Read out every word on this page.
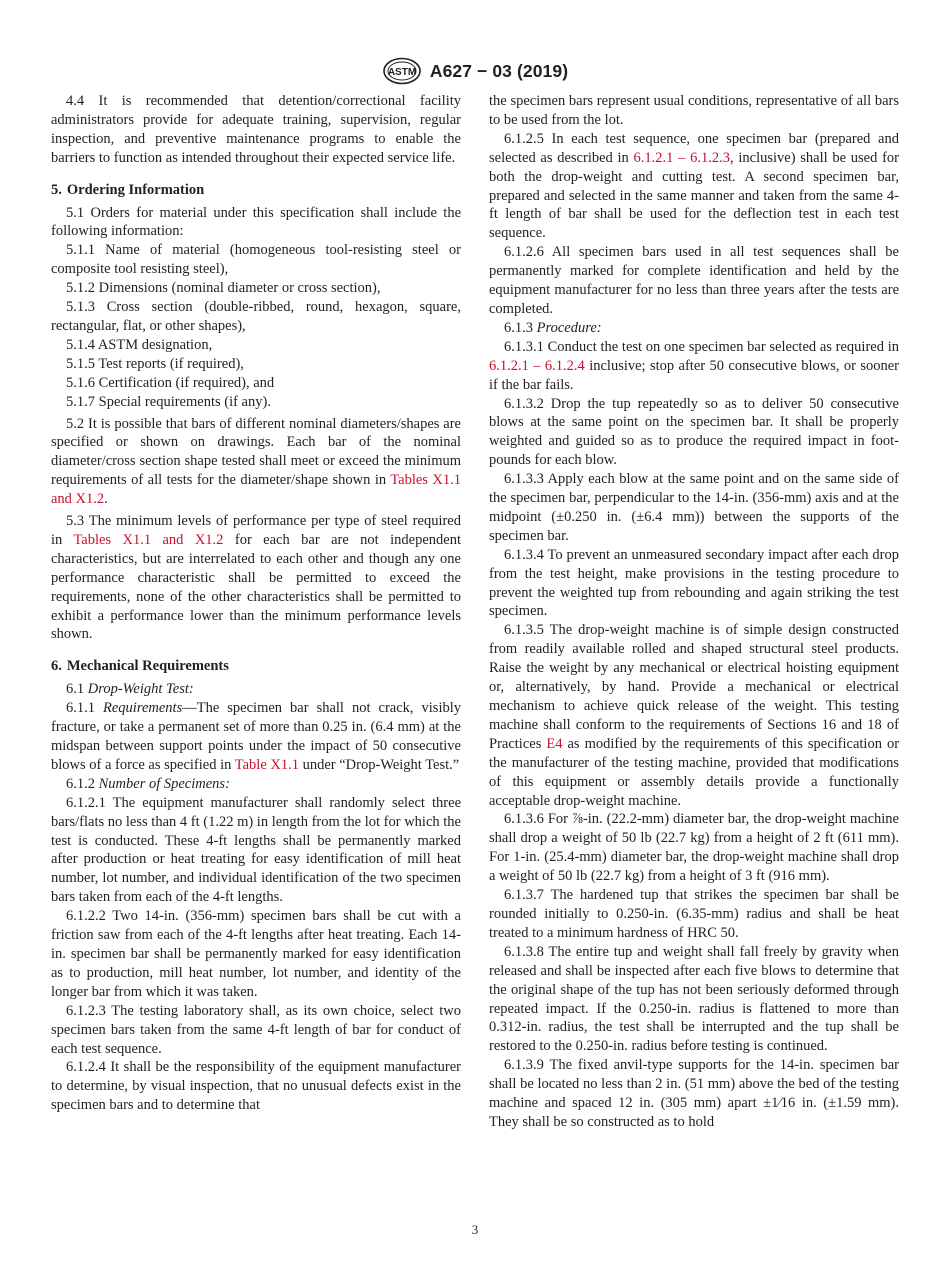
ASTM A627 − 03 (2019)

4.4 It is recommended that detention/correctional facility administrators provide for adequate training, supervision, regular inspection, and preventive maintenance programs to enable the barriers to function as intended throughout their expected service life.

5. Ordering Information

5.1 Orders for material under this specification shall include the following information:

5.1.1 Name of material (homogeneous tool-resisting steel or composite tool resisting steel),

5.1.2 Dimensions (nominal diameter or cross section),

5.1.3 Cross section (double-ribbed, round, hexagon, square, rectangular, flat, or other shapes),

5.1.4 ASTM designation,

5.1.5 Test reports (if required),

5.1.6 Certification (if required), and

5.1.7 Special requirements (if any).

5.2 It is possible that bars of different nominal diameters/shapes are specified or shown on drawings. Each bar of the nominal diameter/cross section shape tested shall meet or exceed the minimum requirements of all tests for the diameter/shape shown in Tables X1.1 and X1.2.

5.3 The minimum levels of performance per type of steel required in Tables X1.1 and X1.2 for each bar are not independent characteristics, but are interrelated to each other and though any one performance characteristic shall be permitted to exceed the requirements, none of the other characteristics shall be permitted to exhibit a performance lower than the minimum performance levels shown.

6. Mechanical Requirements

6.1 Drop-Weight Test:

6.1.1 Requirements—The specimen bar shall not crack, visibly fracture, or take a permanent set of more than 0.25 in. (6.4 mm) at the midspan between support points under the impact of 50 consecutive blows of a force as specified in Table X1.1 under “Drop-Weight Test.”

6.1.2 Number of Specimens:

6.1.2.1 The equipment manufacturer shall randomly select three bars/flats no less than 4 ft (1.22 m) in length from the lot for which the test is conducted. These 4-ft lengths shall be permanently marked after production or heat treating for easy identification of mill heat number, lot number, and individual identification of the two specimen bars taken from each of the 4-ft lengths.

6.1.2.2 Two 14-in. (356-mm) specimen bars shall be cut with a friction saw from each of the 4-ft lengths after heat treating. Each 14-in. specimen bar shall be permanently marked for easy identification as to production, mill heat number, lot number, and identity of the longer bar from which it was taken.

6.1.2.3 The testing laboratory shall, as its own choice, select two specimen bars taken from the same 4-ft length of bar for conduct of each test sequence.

6.1.2.4 It shall be the responsibility of the equipment manufacturer to determine, by visual inspection, that no unusual defects exist in the specimen bars and to determine that

the specimen bars represent usual conditions, representative of all bars to be used from the lot.

6.1.2.5 In each test sequence, one specimen bar (prepared and selected as described in 6.1.2.1 – 6.1.2.3, inclusive) shall be used for both the drop-weight and cutting test. A second specimen bar, prepared and selected in the same manner and taken from the same 4-ft length of bar shall be used for the deflection test in each test sequence.

6.1.2.6 All specimen bars used in all test sequences shall be permanently marked for complete identification and held by the equipment manufacturer for no less than three years after the tests are completed.

6.1.3 Procedure:

6.1.3.1 Conduct the test on one specimen bar selected as required in 6.1.2.1 – 6.1.2.4 inclusive; stop after 50 consecutive blows, or sooner if the bar fails.

6.1.3.2 Drop the tup repeatedly so as to deliver 50 consecutive blows at the same point on the specimen bar. It shall be properly weighted and guided so as to produce the required impact in foot-pounds for each blow.

6.1.3.3 Apply each blow at the same point and on the same side of the specimen bar, perpendicular to the 14-in. (356-mm) axis and at the midpoint (±0.250 in. (±6.4 mm)) between the supports of the specimen bar.

6.1.3.4 To prevent an unmeasured secondary impact after each drop from the test height, make provisions in the testing procedure to prevent the weighted tup from rebounding and again striking the test specimen.

6.1.3.5 The drop-weight machine is of simple design constructed from readily available rolled and shaped structural steel products. Raise the weight by any mechanical or electrical hoisting equipment or, alternatively, by hand. Provide a mechanical or electrical mechanism to achieve quick release of the weight. This testing machine shall conform to the requirements of Sections 16 and 18 of Practices E4 as modified by the requirements of this specification or the manufacturer of the testing machine, provided that modifications of this equipment or assembly details provide a functionally acceptable drop-weight machine.

6.1.3.6 For ⅞-in. (22.2-mm) diameter bar, the drop-weight machine shall drop a weight of 50 lb (22.7 kg) from a height of 2 ft (611 mm). For 1-in. (25.4-mm) diameter bar, the drop-weight machine shall drop a weight of 50 lb (22.7 kg) from a height of 3 ft (916 mm).

6.1.3.7 The hardened tup that strikes the specimen bar shall be rounded initially to 0.250-in. (6.35-mm) radius and shall be heat treated to a minimum hardness of HRC 50.

6.1.3.8 The entire tup and weight shall fall freely by gravity when released and shall be inspected after each five blows to determine that the original shape of the tup has not been seriously deformed through repeated impact. If the 0.250-in. radius is flattened to more than 0.312-in. radius, the test shall be interrupted and the tup shall be restored to the 0.250-in. radius before testing is continued.

6.1.3.9 The fixed anvil-type supports for the 14-in. specimen bar shall be located no less than 2 in. (51 mm) above the bed of the testing machine and spaced 12 in. (305 mm) apart ±1⁄16 in. (±1.59 mm). They shall be so constructed as to hold

3
